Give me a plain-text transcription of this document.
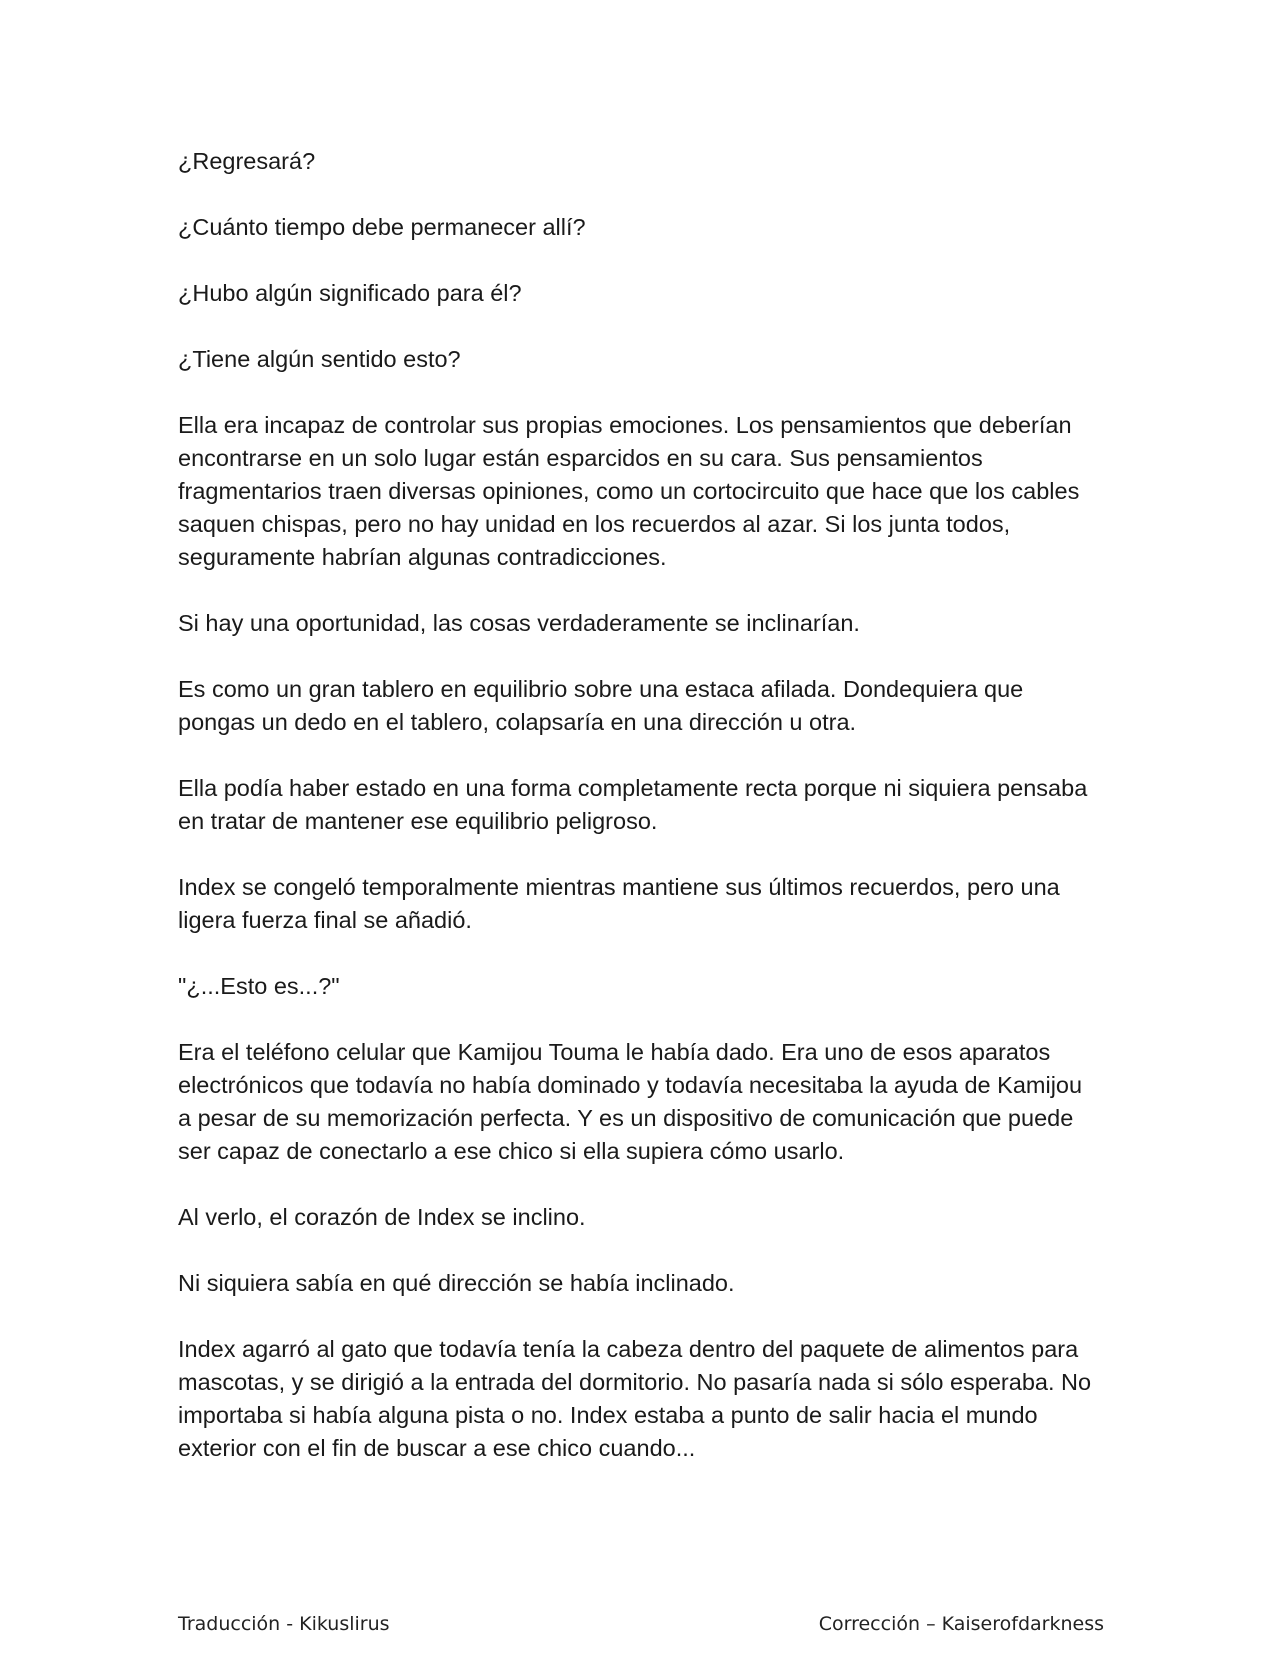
¿Regresará?

¿Cuánto tiempo debe permanecer allí?

¿Hubo algún significado para él?

¿Tiene algún sentido esto?

Ella era incapaz de controlar sus propias emociones. Los pensamientos que deberían encontrarse en un solo lugar están esparcidos en su cara. Sus pensamientos fragmentarios traen diversas opiniones, como un cortocircuito que hace que los cables saquen chispas, pero no hay unidad en los recuerdos al azar. Si los junta todos, seguramente habrían algunas contradicciones.

Si hay una oportunidad, las cosas verdaderamente se inclinarían.

Es como un gran tablero en equilibrio sobre una estaca afilada. Dondequiera que pongas un dedo en el tablero, colapsaría en una dirección u otra.

Ella podía haber estado en una forma completamente recta porque ni siquiera pensaba en tratar de mantener ese equilibrio peligroso.

Index se congeló temporalmente mientras mantiene sus últimos recuerdos, pero una ligera fuerza final se añadió.

"¿...Esto es...?"

Era el teléfono celular que Kamijou Touma le había dado. Era uno de esos aparatos electrónicos que todavía no había dominado y todavía necesitaba la ayuda de Kamijou a pesar de su memorización perfecta. Y es un dispositivo de comunicación que puede ser capaz de conectarlo a ese chico si ella supiera cómo usarlo.

Al verlo, el corazón de Index se inclino.

Ni siquiera sabía en qué dirección se había inclinado.

Index agarró al gato que todavía tenía la cabeza dentro del paquete de alimentos para mascotas, y se dirigió a la entrada del dormitorio. No pasaría nada si sólo esperaba. No importaba si había alguna pista o no. Index estaba a punto de salir hacia el mundo exterior con el fin de buscar a ese chico cuando...

Traducción - Kikuslirus	Corrección – Kaiserofdarkness
